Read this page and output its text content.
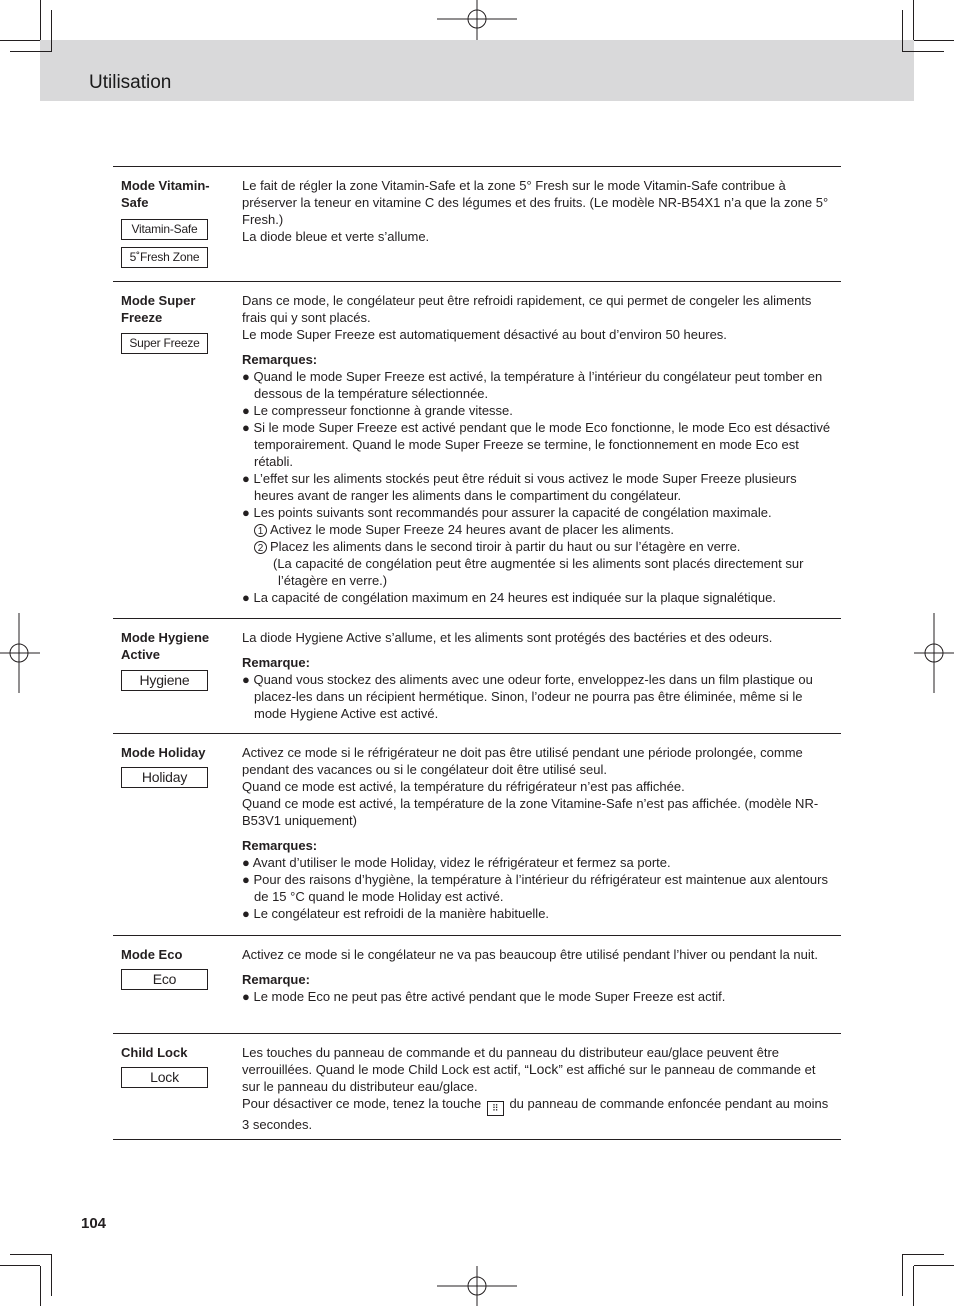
Utilisation
Mode Vitamin-Safe
Vitamin-Safe
5˚Fresh Zone

Le fait de régler la zone Vitamin-Safe et la zone 5° Fresh sur le mode Vitamin-Safe contribue à préserver la teneur en vitamine C des légumes et des fruits. (Le modèle NR-B54X1 n’a que la zone 5° Fresh.)

La diode bleue et verte s’allume.

Mode Super Freeze
Super Freeze

Dans ce mode, le congélateur peut être refroidi rapidement, ce qui permet de congeler les aliments frais qui y sont placés.

Le mode Super Freeze est automatiquement désactivé au bout d’environ 50 heures.

Remarques:

● Quand le mode Super Freeze est activé, la température à l’intérieur du congélateur peut tomber en dessous de la température sélectionnée.

● Le compresseur fonctionne à grande vitesse.

● Si le mode Super Freeze est activé pendant que le mode Eco fonctionne, le mode Eco est désactivé temporairement. Quand le mode Super Freeze se termine, le fonctionnement en mode Eco est rétabli.

● L’effet sur les aliments stockés peut être réduit si vous activez le mode Super Freeze plusieurs heures avant de ranger les aliments dans le compartiment du congélateur.

● Les points suivants sont recommandés pour assurer la capacité de congélation maximale.

1 Activez le mode Super Freeze 24 heures avant de placer les aliments.

2 Placez les aliments dans le second tiroir à partir du haut ou sur l’étagère en verre.

(La capacité de congélation peut être augmentée si les aliments sont placés directement sur l’étagère en verre.)

● La capacité de congélation maximum en 24 heures est indiquée sur la plaque signalétique.

Mode Hygiene Active
Hygiene

La diode Hygiene Active s’allume, et les aliments sont protégés des bactéries et des odeurs.

Remarque:

● Quand vous stockez des aliments avec une odeur forte, enveloppez-les dans un film plastique ou placez-les dans un récipient hermétique. Sinon, l’odeur ne pourra pas être éliminée, même si le mode Hygiene Active est activé.

Mode Holiday
Holiday

Activez ce mode si le réfrigérateur ne doit pas être utilisé pendant une période prolongée, comme pendant des vacances ou si le congélateur doit être utilisé seul.

Quand ce mode est activé, la température du réfrigérateur n’est pas affichée.

Quand ce mode est activé, la température de la zone Vitamine-Safe n’est pas affichée. (modèle NR-B53V1 uniquement)

Remarques:

● Avant d’utiliser le mode Holiday, videz le réfrigérateur et fermez sa porte.

● Pour des raisons d’hygiène, la température à l’intérieur du réfrigérateur est maintenue aux alentours de 15 °C quand le mode Holiday est activé.

● Le congélateur est refroidi de la manière habituelle.

Mode Eco
Eco

Activez ce mode si le congélateur ne va pas beaucoup être utilisé pendant l’hiver ou pendant la nuit.

Remarque:

● Le mode Eco ne peut pas être activé pendant que le mode Super Freeze est actif.

Child Lock
Lock

Les touches du panneau de commande et du panneau du distributeur eau/glace peuvent être verrouillées. Quand le mode Child Lock est actif, “Lock” est affiché sur le panneau de commande et sur le panneau du distributeur eau/glace.

Pour désactiver ce mode, tenez la touche ⠿ du panneau de commande enfoncée pendant au moins 3 secondes.

104
